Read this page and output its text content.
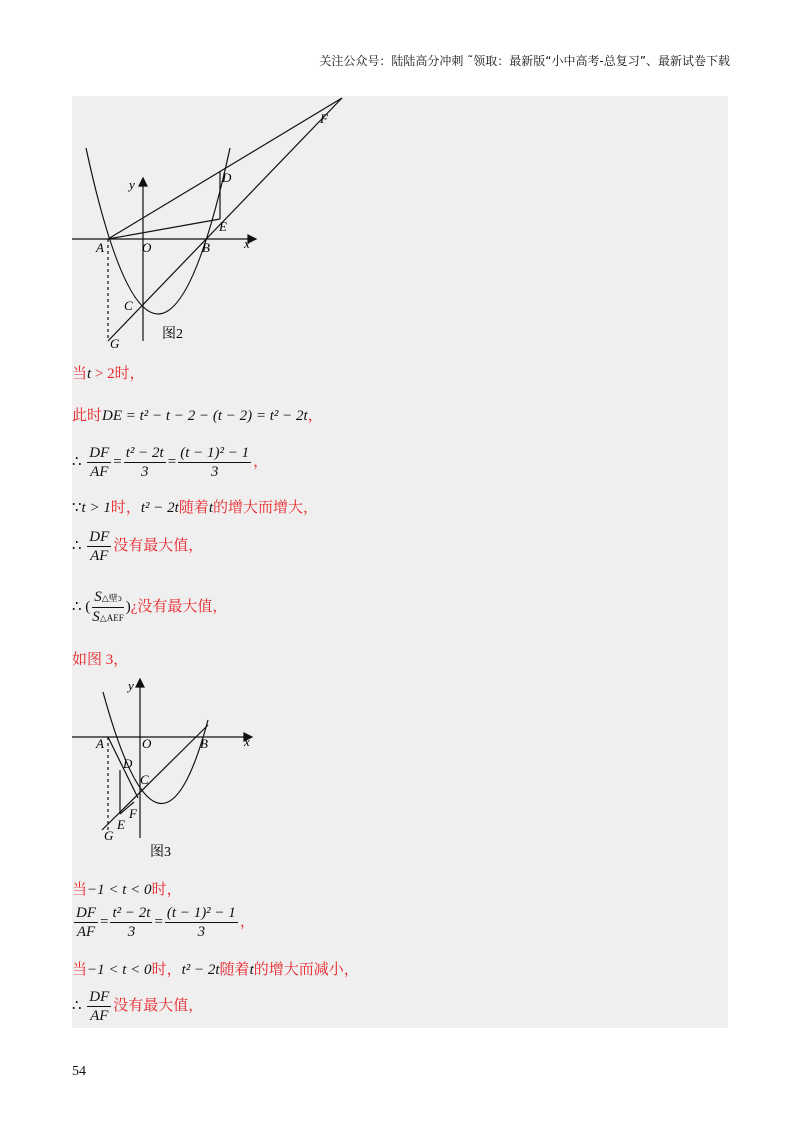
关注公众号：陆陆高分冲刺 ˜领取：最新版“小中高考-总复习”、最新试卷下载
y
x
A	O	B
C
D
E
F
G
图2
当t > 2时，
此时DE = t² − t − 2 − (t − 2) = t² − 2t，
∴ $\frac{DF}{AF} = \frac{\text{t² − 2t}}{3} = \frac{\text{(t − 1)² − 1}}{3}$ ，
∵t > 1时，t² − 2t随着t的增大而增大，
∴ $\frac{DF}{AF}$ 没有最大值，
∴ ( $\frac{\text{S△壁ↄ}}{\text{S△AEF}}$ )¿没有最大值，
如图 3，
y
x
A	O	B
C
D
E
F
G
图3
当−1 < t < 0时，
$\frac{DF}{AF} = \frac{\text{t² − 2t}}{3} = \frac{\text{(t − 1)² − 1}}{3}$ ，
当−1 < t < 0时，t² − 2t随着t的增大而减小，
∴ $\frac{DF}{AF}$ 没有最大值，
54
